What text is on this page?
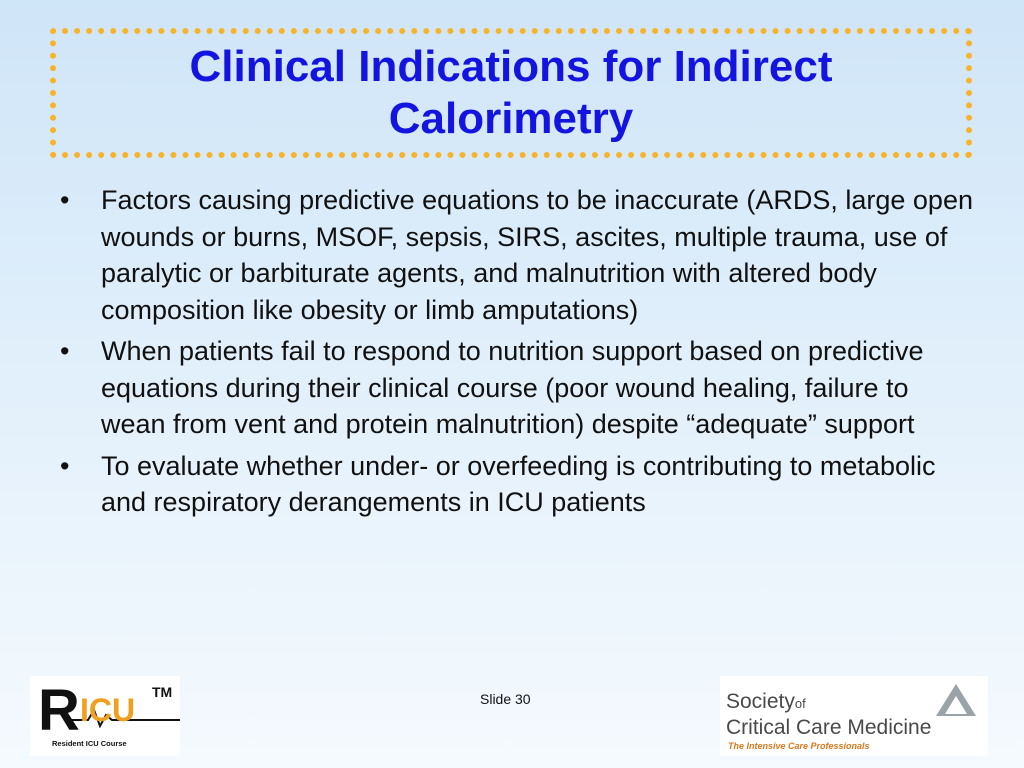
Clinical Indications for Indirect Calorimetry
• Factors causing predictive equations to be inaccurate (ARDS, large open wounds or burns, MSOF, sepsis, SIRS, ascites, multiple trauma, use of paralytic or barbiturate agents, and malnutrition with altered body composition like obesity or limb amputations)
• When patients fail to respond to nutrition support based on predictive equations during their clinical course (poor wound healing, failure to wean from vent and protein malnutrition) despite “adequate” support
• To evaluate whether under- or overfeeding is contributing to metabolic and respiratory derangements in ICU patients
R ICU TM
Resident ICU Course
Slide 30	Societyof
Critical Care Medicine
The Intensive Care Professionals
